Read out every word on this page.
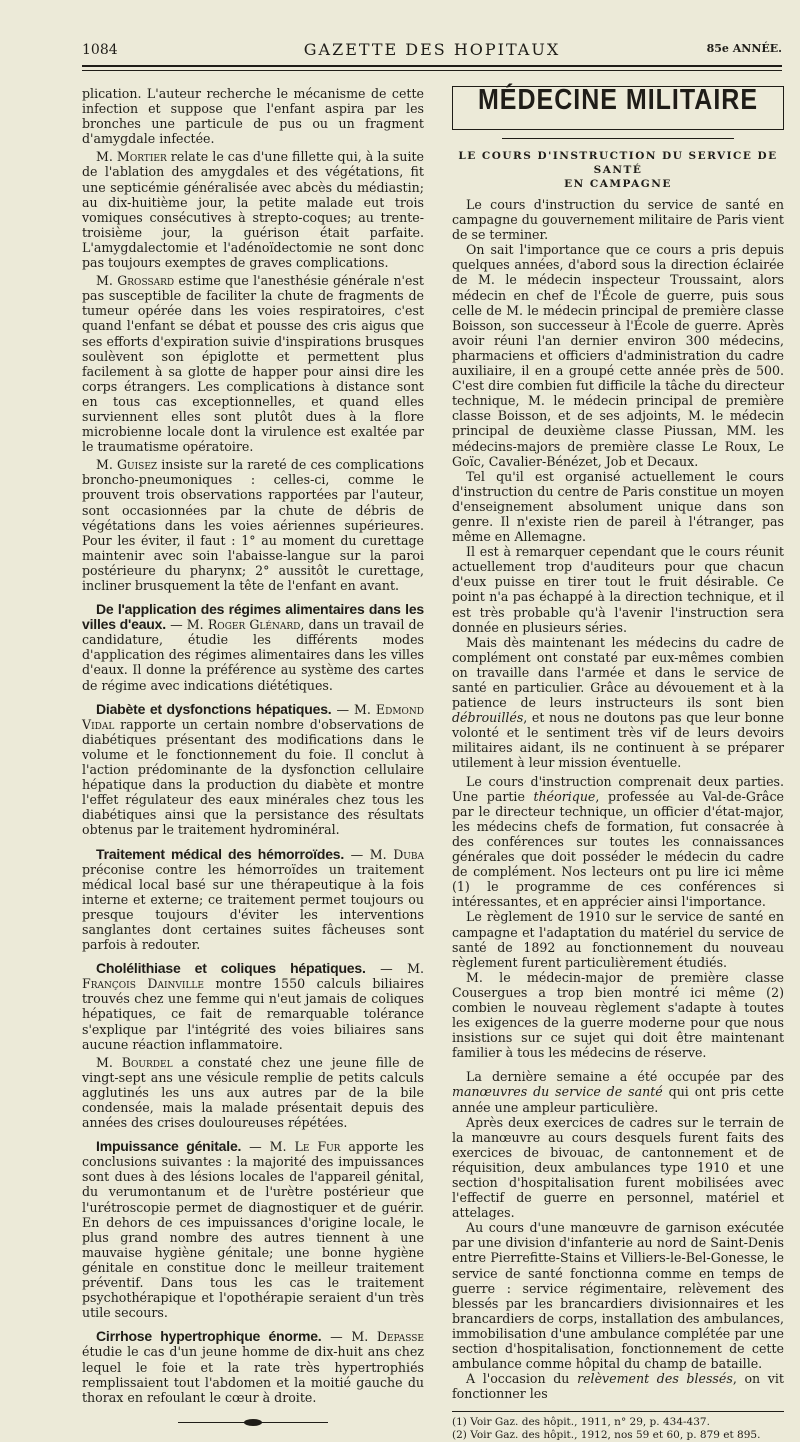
1084	GAZETTE DES HOPITAUX	85e ANNÉE.

plication. L'auteur recherche le mécanisme de cette infection et suppose que l'enfant aspira par les bronches une particule de pus ou un fragment d'amygdale infectée.

M. Mortier relate le cas d'une fillette qui, à la suite de l'ablation des amygdales et des végétations, fit une septicémie généralisée avec abcès du médiastin; au dix-huitième jour, la petite malade eut trois vomiques consécutives à strepto-coques; au trente-troisième jour, la guérison était parfaite. L'amygdalectomie et l'adénoïdectomie ne sont donc pas toujours exemptes de graves complications.

M. Grossard estime que l'anesthésie générale n'est pas susceptible de faciliter la chute de fragments de tumeur opérée dans les voies respiratoires, c'est quand l'enfant se débat et pousse des cris aigus que ses efforts d'expiration suivie d'inspirations brusques soulèvent son épiglotte et permettent plus facilement à sa glotte de happer pour ainsi dire les corps étrangers. Les complications à distance sont en tous cas exceptionnelles, et quand elles surviennent elles sont plutôt dues à la flore microbienne locale dont la virulence est exaltée par le traumatisme opératoire.

M. Guisez insiste sur la rareté de ces complications broncho-pneumoniques : celles-ci, comme le prouvent trois observations rapportées par l'auteur, sont occasionnées par la chute de débris de végétations dans les voies aériennes supérieures. Pour les éviter, il faut : 1° au moment du curettage maintenir avec soin l'abaisse-langue sur la paroi postérieure du pharynx; 2° aussitôt le curettage, incliner brusquement la tête de l'enfant en avant.

De l'application des régimes alimentaires dans les villes d'eaux. — M. Roger Glénard, dans un travail de candidature, étudie les différents modes d'application des régimes alimentaires dans les villes d'eaux. Il donne la préférence au système des cartes de régime avec indications diététiques.

Diabète et dysfonctions hépatiques. — M. Edmond Vidal rapporte un certain nombre d'observations de diabétiques présentant des modifications dans le volume et le fonctionnement du foie. Il conclut à l'action prédominante de la dysfonction cellulaire hépatique dans la production du diabète et montre l'effet régulateur des eaux minérales chez tous les diabétiques ainsi que la persistance des résultats obtenus par le traitement hydrominéral.

Traitement médical des hémorroïdes. — M. Duba préconise contre les hémorroïdes un traitement médical local basé sur une thérapeutique à la fois interne et externe; ce traitement permet toujours ou presque toujours d'éviter les interventions sanglantes dont certaines suites fâcheuses sont parfois à redouter.

Cholélithiase et coliques hépatiques. — M. François Dainville montre 1550 calculs biliaires trouvés chez une femme qui n'eut jamais de coliques hépatiques, ce fait de remarquable tolérance s'explique par l'intégrité des voies biliaires sans aucune réaction inflammatoire.

M. Bourdel a constaté chez une jeune fille de vingt-sept ans une vésicule remplie de petits calculs agglutinés les uns aux autres par de la bile condensée, mais la malade présentait depuis des années des crises douloureuses répétées.

Impuissance génitale. — M. Le Fur apporte les conclusions suivantes : la majorité des impuissances sont dues à des lésions locales de l'appareil génital, du verumontanum et de l'urètre postérieur que l'urétroscopie permet de diagnostiquer et de guérir. En dehors de ces impuissances d'origine locale, le plus grand nombre des autres tiennent à une mauvaise hygiène génitale; une bonne hygiène génitale en constitue donc le meilleur traitement préventif. Dans tous les cas le traitement psychothérapique et l'opothérapie seraient d'un très utile secours.

Cirrhose hypertrophique énorme. — M. Depasse étudie le cas d'un jeune homme de dix-huit ans chez lequel le foie et la rate très hypertrophiés remplissaient tout l'abdomen et la moitié gauche du thorax en refoulant le cœur à droite.

MÉDECINE MILITAIRE
LE COURS D'INSTRUCTION DU SERVICE DE SANTÉ
EN CAMPAGNE

Le cours d'instruction du service de santé en campagne du gouvernement militaire de Paris vient de se terminer.

On sait l'importance que ce cours a pris depuis quelques années, d'abord sous la direction éclairée de M. le médecin inspecteur Troussaint, alors médecin en chef de l'École de guerre, puis sous celle de M. le médecin principal de première classe Boisson, son successeur à l'École de guerre. Après avoir réuni l'an dernier environ 300 médecins, pharmaciens et officiers d'administration du cadre auxiliaire, il en a groupé cette année près de 500. C'est dire combien fut difficile la tâche du directeur technique, M. le médecin principal de première classe Boisson, et de ses adjoints, M. le médecin principal de deuxième classe Piussan, MM. les médecins-majors de première classe Le Roux, Le Goïc, Cavalier-Bénézet, Job et Decaux.

Tel qu'il est organisé actuellement le cours d'instruction du centre de Paris constitue un moyen d'enseignement absolument unique dans son genre. Il n'existe rien de pareil à l'étranger, pas même en Allemagne.

Il est à remarquer cependant que le cours réunit actuellement trop d'auditeurs pour que chacun d'eux puisse en tirer tout le fruit désirable. Ce point n'a pas échappé à la direction technique, et il est très probable qu'à l'avenir l'instruction sera donnée en plusieurs séries.

Mais dès maintenant les médecins du cadre de complément ont constaté par eux-mêmes combien on travaille dans l'armée et dans le service de santé en particulier. Grâce au dévouement et à la patience de leurs instructeurs ils sont bien débrouillés, et nous ne doutons pas que leur bonne volonté et le sentiment très vif de leurs devoirs militaires aidant, ils ne continuent à se préparer utilement à leur mission éventuelle.

Le cours d'instruction comprenait deux parties. Une partie théorique, professée au Val-de-Grâce par le directeur technique, un officier d'état-major, les médecins chefs de formation, fut consacrée à des conférences sur toutes les connaissances générales que doit posséder le médecin du cadre de complément. Nos lecteurs ont pu lire ici même (1) le programme de ces conférences si intéressantes, et en apprécier ainsi l'importance.

Le règlement de 1910 sur le service de santé en campagne et l'adaptation du matériel du service de santé de 1892 au fonctionnement du nouveau règlement furent particulièrement étudiés.

M. le médecin-major de première classe Cousergues a trop bien montré ici même (2) combien le nouveau règlement s'adapte à toutes les exigences de la guerre moderne pour que nous insistions sur ce sujet qui doit être maintenant familier à tous les médecins de réserve.

La dernière semaine a été occupée par des manœuvres du service de santé qui ont pris cette année une ampleur particulière.

Après deux exercices de cadres sur le terrain de la manœuvre au cours desquels furent faits des exercices de bivouac, de cantonnement et de réquisition, deux ambulances type 1910 et une section d'hospitalisation furent mobilisées avec l'effectif de guerre en personnel, matériel et attelages.

Au cours d'une manœuvre de garnison exécutée par une division d'infanterie au nord de Saint-Denis entre Pierrefitte-Stains et Villiers-le-Bel-Gonesse, le service de santé fonctionna comme en temps de guerre : service régimentaire, relèvement des blessés par les brancardiers divisionnaires et les brancardiers de corps, installation des ambulances, immobilisation d'une ambulance complétée par une section d'hospitalisation, fonctionnement de cette ambulance comme hôpital du champ de bataille.

A l'occasion du relèvement des blessés, on vit fonctionner les

(1) Voir Gaz. des hôpit., 1911, n° 29, p. 434-437.

(2) Voir Gaz. des hôpit., 1912, nos 59 et 60, p. 879 et 895.
